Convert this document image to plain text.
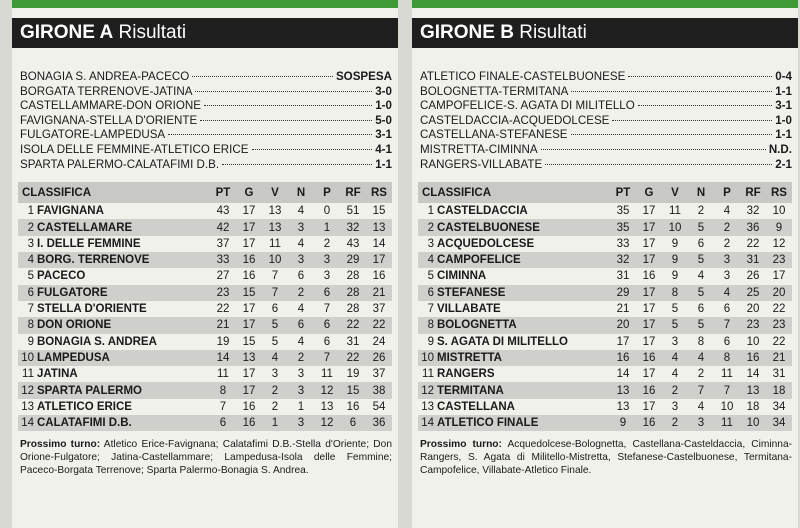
GIRONE A Risultati
BONAGIA S. ANDREA-PACECO	SOSPESA
BORGATA TERRENOVE-JATINA	3-0
CASTELLAMMARE-DON ORIONE	1-0
FAVIGNANA-STELLA D'ORIENTE	5-0
FULGATORE-LAMPEDUSA	3-1
ISOLA DELLE FEMMINE-ATLETICO ERICE	4-1
SPARTA PALERMO-CALATAFIMI D.B.	1-1
CLASSIFICA	PT	G	V	N	P	RF	RS
1 FAVIGNANA	43	17	13	4	0	51	15
2 CASTELLAMARE	42	17	13	3	1	32	13
3 I. DELLE FEMMINE	37	17	11	4	2	43	14
4 BORG. TERRENOVE	33	16	10	3	3	29	17
5 PACECO	27	16	7	6	3	28	16
6 FULGATORE	23	15	7	2	6	28	21
7 STELLA D'ORIENTE	22	17	6	4	7	28	37
8 DON ORIONE	21	17	5	6	6	22	22
9 BONAGIA S. ANDREA	19	15	5	4	6	31	24
10 LAMPEDUSA	14	13	4	2	7	22	26
11 JATINA	11	17	3	3	11	19	37
12 SPARTA PALERMO	8	17	2	3	12	15	38
13 ATLETICO ERICE	7	16	2	1	13	16	54
14 CALATAFIMI D.B.	6	16	1	3	12	6	36
Prossimo turno: Atletico Erice-Favignana; Calatafimi D.B.-Stella d'Oriente; Don Orione-Fulgatore; Jatina-Castellammare; Lampedusa-Isola delle Femmine; Paceco-Borgata Terrenove; Sparta Palermo-Bonagia S. Andrea.
GIRONE B Risultati
ATLETICO FINALE-CASTELBUONESE	0-4
BOLOGNETTA-TERMITANA	1-1
CAMPOFELICE-S. AGATA DI MILITELLO	3-1
CASTELDACCIA-ACQUEDOLCESE	1-0
CASTELLANA-STEFANESE	1-1
MISTRETTA-CIMINNA	N.D.
RANGERS-VILLABATE	2-1
CLASSIFICA	PT	G	V	N	P	RF	RS
1 CASTELDACCIA	35	17	11	2	4	32	10
2 CASTELBUONESE	35	17	10	5	2	36	9
3 ACQUEDOLCESE	33	17	9	6	2	22	12
4 CAMPOFELICE	32	17	9	5	3	31	23
5 CIMINNA	31	16	9	4	3	26	17
6 STEFANESE	29	17	8	5	4	25	20
7 VILLABATE	21	17	5	6	6	20	22
8 BOLOGNETTA	20	17	5	5	7	23	23
9 S. AGATA DI MILITELLO	17	17	3	8	6	10	22
10 MISTRETTA	16	16	4	4	8	16	21
11 RANGERS	14	17	4	2	11	14	31
12 TERMITANA	13	16	2	7	7	13	18
13 CASTELLANA	13	17	3	4	10	18	34
14 ATLETICO FINALE	9	16	2	3	11	10	34
Prossimo turno: Acquedolcese-Bolognetta, Castellana-Casteldaccia, Ciminna-Rangers, S. Agata di Militello-Mistretta, Stefanese-Castelbuonese, Termitana-Campofelice, Villabate-Atletico Finale.
